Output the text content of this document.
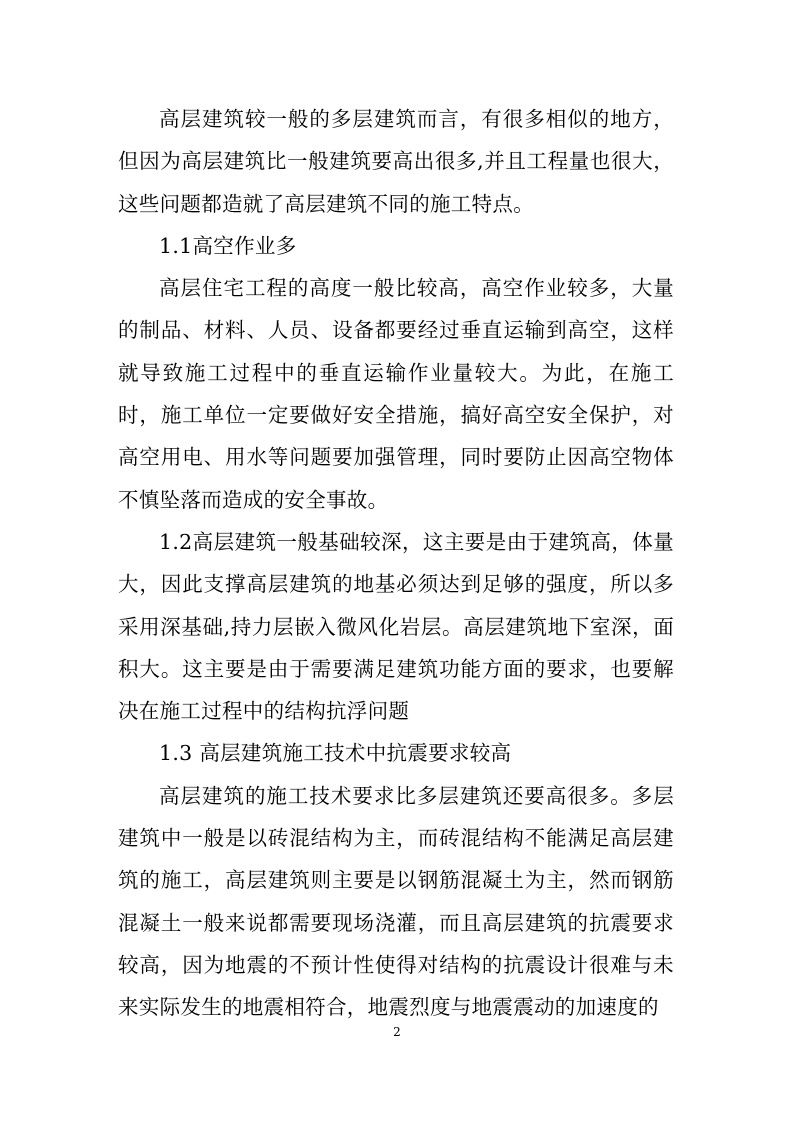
高层建筑较一般的多层建筑而言，有很多相似的地方，但因为高层建筑比一般建筑要高出很多,并且工程量也很大，这些问题都造就了高层建筑不同的施工特点。

1.1高空作业多

高层住宅工程的高度一般比较高，高空作业较多，大量的制品、材料、人员、设备都要经过垂直运输到高空，这样就导致施工过程中的垂直运输作业量较大。为此，在施工时，施工单位一定要做好安全措施，搞好高空安全保护，对高空用电、用水等问题要加强管理，同时要防止因高空物体不慎坠落而造成的安全事故。

1.2高层建筑一般基础较深，这主要是由于建筑高，体量大，因此支撑高层建筑的地基必须达到足够的强度，所以多采用深基础,持力层嵌入微风化岩层。高层建筑地下室深，面积大。这主要是由于需要满足建筑功能方面的要求，也要解决在施工过程中的结构抗浮问题

1.3 高层建筑施工技术中抗震要求较高

高层建筑的施工技术要求比多层建筑还要高很多。多层建筑中一般是以砖混结构为主，而砖混结构不能满足高层建筑的施工，高层建筑则主要是以钢筋混凝土为主，然而钢筋混凝土一般来说都需要现场浇灌，而且高层建筑的抗震要求较高，因为地震的不预计性使得对结构的抗震设计很难与未来实际发生的地震相符合，地震烈度与地震震动的加速度的

2
